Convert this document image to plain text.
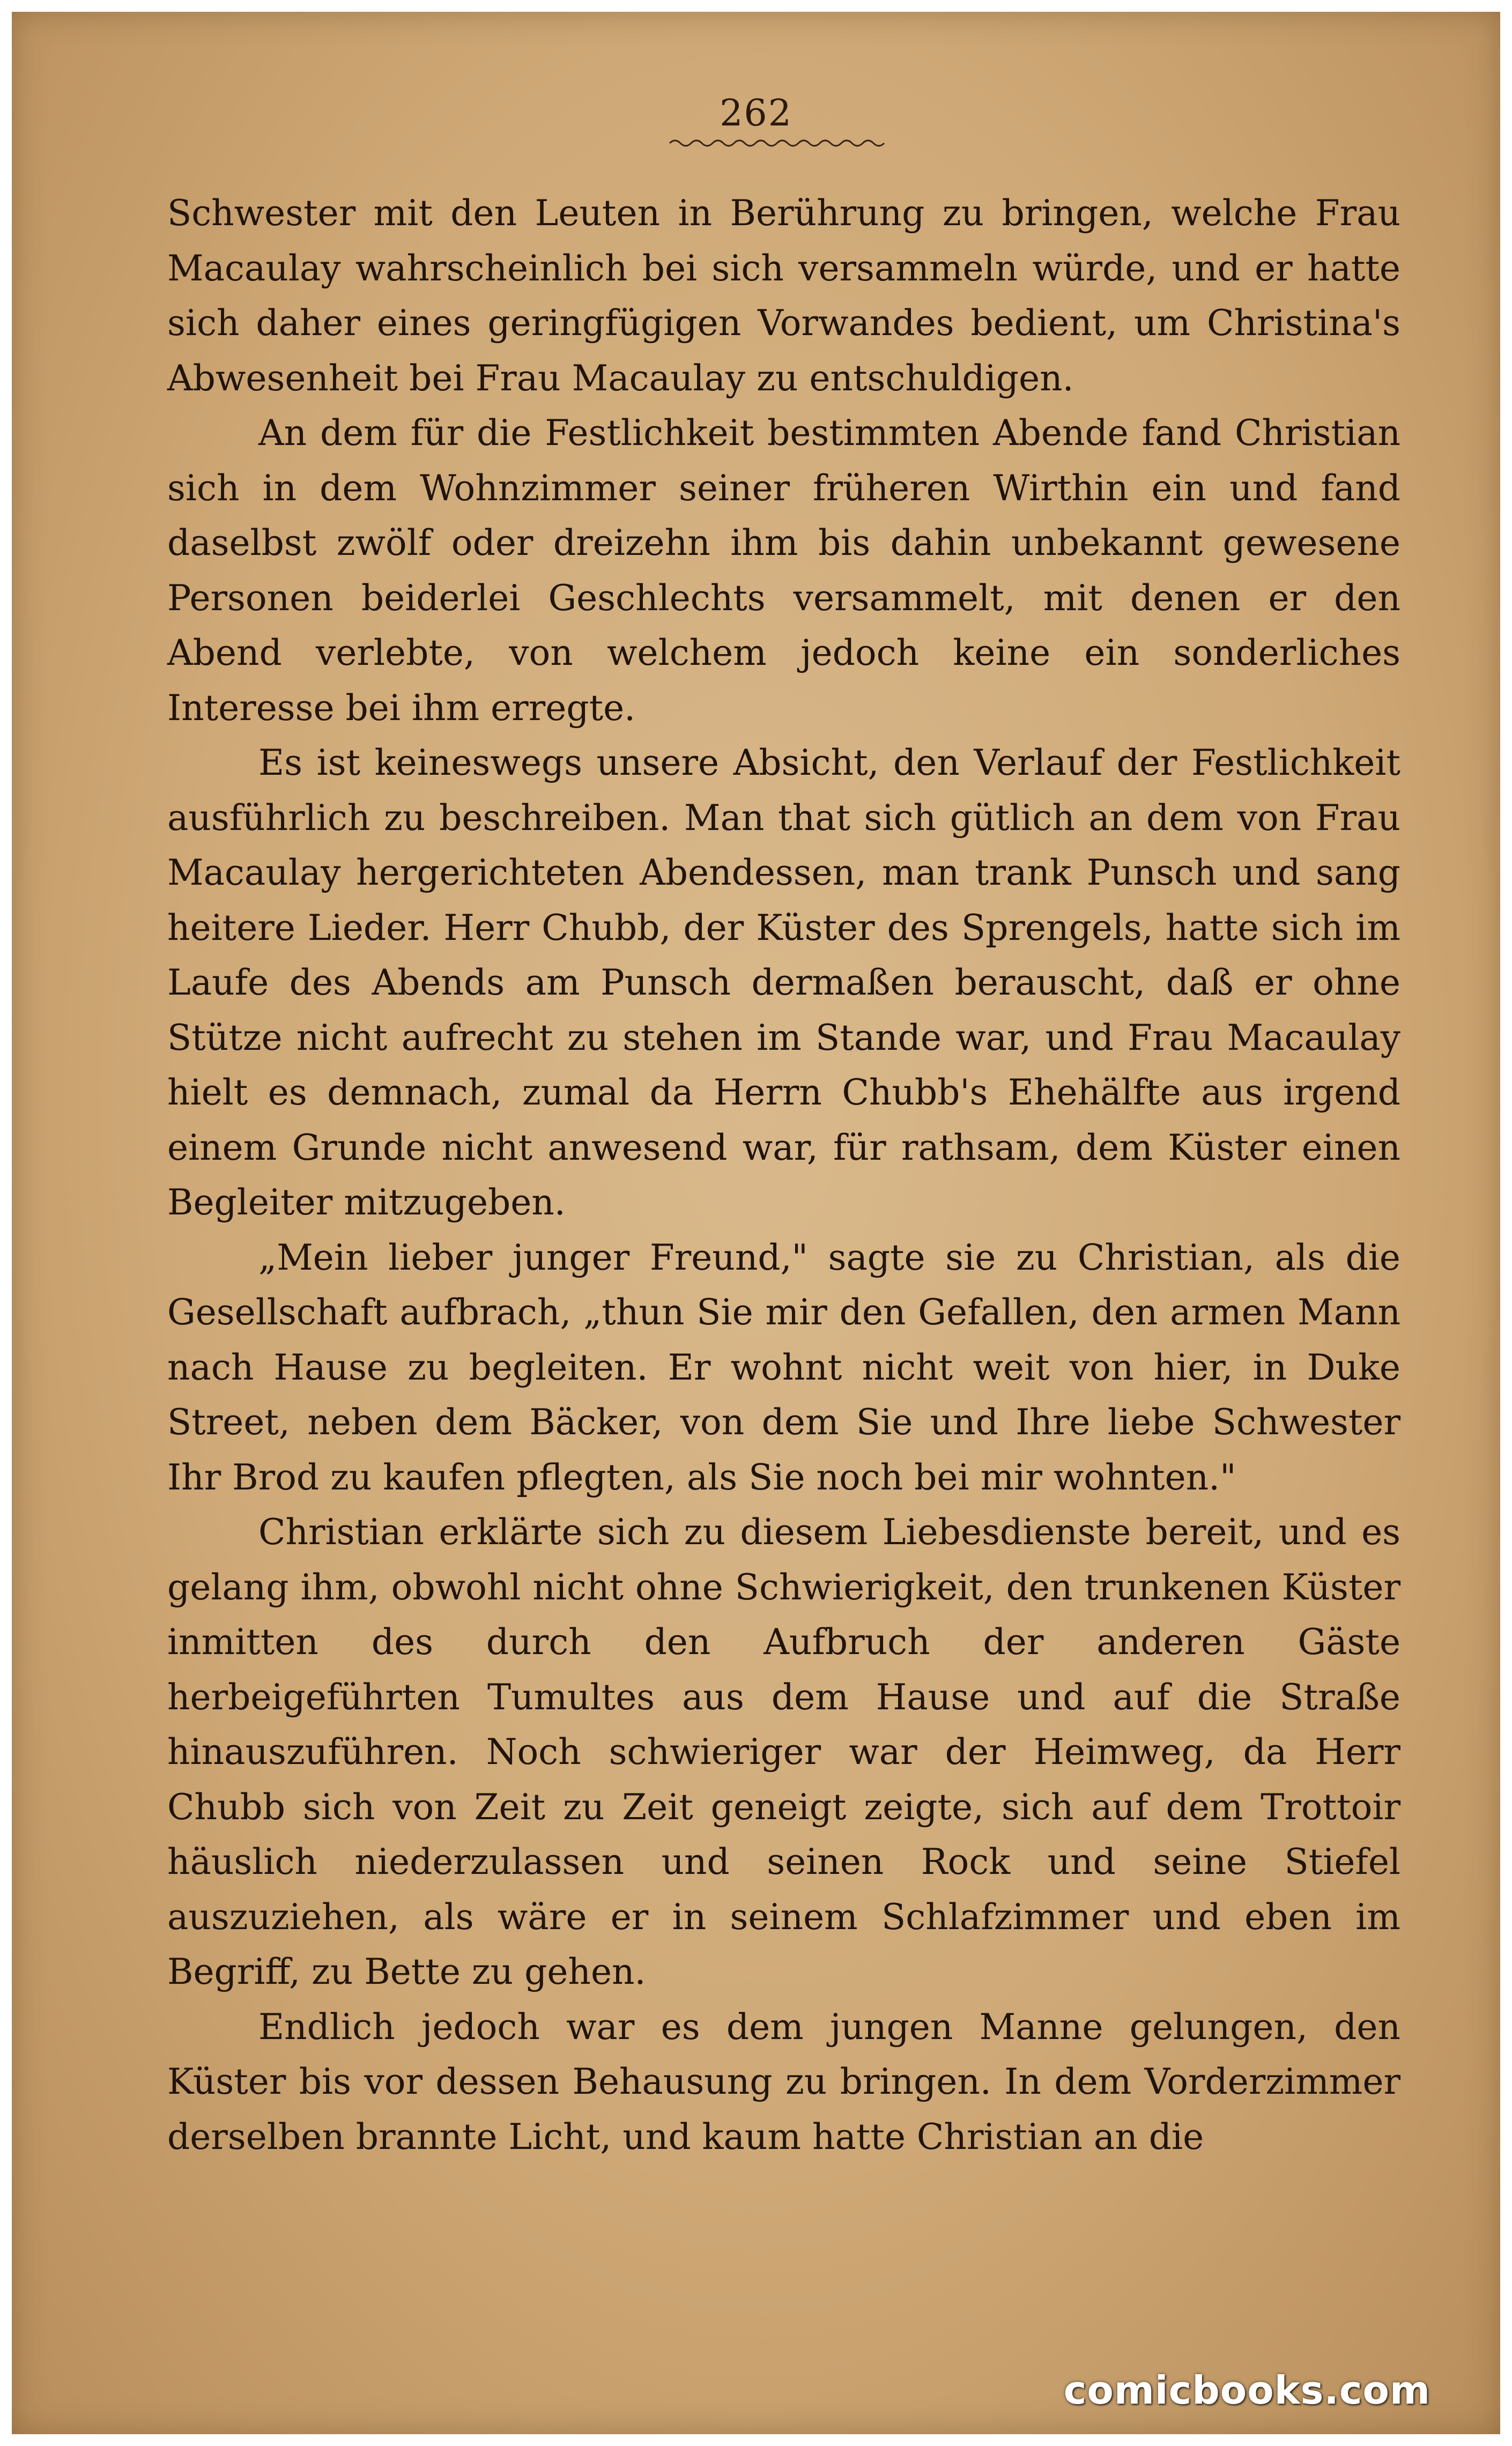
262

Schwester mit den Leuten in Berührung zu bringen, welche Frau Macaulay wahrscheinlich bei sich versammeln würde, und er hatte sich daher eines geringfügigen Vorwandes bedient, um Christina's Abwesenheit bei Frau Macaulay zu entschuldigen.

An dem für die Festlichkeit bestimmten Abende fand Christian sich in dem Wohnzimmer seiner früheren Wirthin ein und fand daselbst zwölf oder dreizehn ihm bis dahin unbekannt gewesene Personen beiderlei Geschlechts versammelt, mit denen er den Abend verlebte, von welchem jedoch keine ein sonderliches Interesse bei ihm erregte.

Es ist keineswegs unsere Absicht, den Verlauf der Festlichkeit ausführlich zu beschreiben. Man that sich gütlich an dem von Frau Macaulay hergerichteten Abendessen, man trank Punsch und sang heitere Lieder. Herr Chubb, der Küster des Sprengels, hatte sich im Laufe des Abends am Punsch dermaßen berauscht, daß er ohne Stütze nicht aufrecht zu stehen im Stande war, und Frau Macaulay hielt es demnach, zumal da Herrn Chubb's Ehehälfte aus irgend einem Grunde nicht anwesend war, für rathsam, dem Küster einen Begleiter mitzugeben.

„Mein lieber junger Freund," sagte sie zu Christian, als die Gesellschaft aufbrach, „thun Sie mir den Gefallen, den armen Mann nach Hause zu begleiten. Er wohnt nicht weit von hier, in Duke Street, neben dem Bäcker, von dem Sie und Ihre liebe Schwester Ihr Brod zu kaufen pflegten, als Sie noch bei mir wohnten."

Christian erklärte sich zu diesem Liebesdienste bereit, und es gelang ihm, obwohl nicht ohne Schwierigkeit, den trunkenen Küster inmitten des durch den Aufbruch der anderen Gäste herbeigeführten Tumultes aus dem Hause und auf die Straße hinauszuführen. Noch schwieriger war der Heimweg, da Herr Chubb sich von Zeit zu Zeit geneigt zeigte, sich auf dem Trottoir häuslich niederzulassen und seinen Rock und seine Stiefel auszuziehen, als wäre er in seinem Schlafzimmer und eben im Begriff, zu Bette zu gehen.

Endlich jedoch war es dem jungen Manne gelungen, den Küster bis vor dessen Behausung zu bringen. In dem Vorderzimmer derselben brannte Licht, und kaum hatte Christian an die

comicbooks.com
